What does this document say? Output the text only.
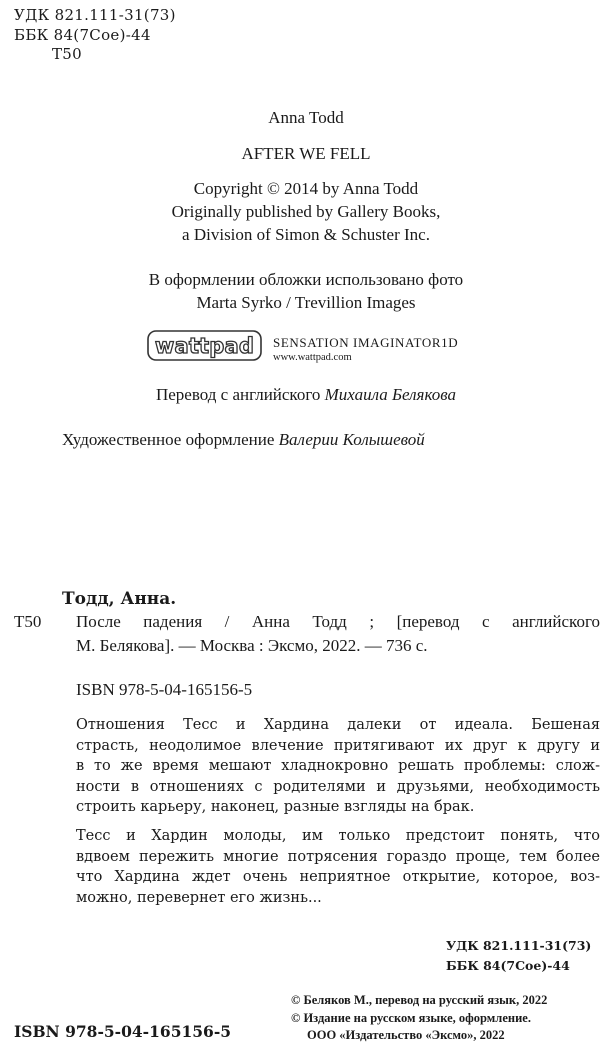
УДК 821.111-31(73)
ББК 84(7Сое)-44
Т50
Anna Todd
AFTER WE FELL
Copyright © 2014 by Anna Todd
Originally published by Gallery Books,
a Division of Simon & Schuster Inc.
В оформлении обложки использовано фото
Marta Syrko / Trevillion Images
wattpad SENSATION IMAGINATOR1D
www.wattpad.com
Перевод с английского Михаила Белякова
Художественное оформление Валерии Колышевой
Тодд, Анна.
Т50 После падения / Анна Тодд ; [перевод с английского
М. Белякова]. — Москва : Эксмо, 2022. — 736 с.
ISBN 978-5-04-165156-5
Отношения Тесс и Хардина далеки от идеала. Бешеная
страсть, неодолимое влечение притягивают их друг к другу и
в то же время мешают хладнокровно решать проблемы: слож-
ности в отношениях с родителями и друзьями, необходимость
строить карьеру, наконец, разные взгляды на брак.
Тесс и Хардин молоды, им только предстоит понять, что
вдвоем пережить многие потрясения гораздо проще, тем более
что Хардина ждет очень неприятное открытие, которое, воз-
можно, перевернет его жизнь...
УДК 821.111-31(73)
ББК 84(7Сое)-44
© Беляков М., перевод на русский язык, 2022
© Издание на русском языке, оформление.
ООО «Издательство «Эксмо», 2022
ISBN 978-5-04-165156-5
